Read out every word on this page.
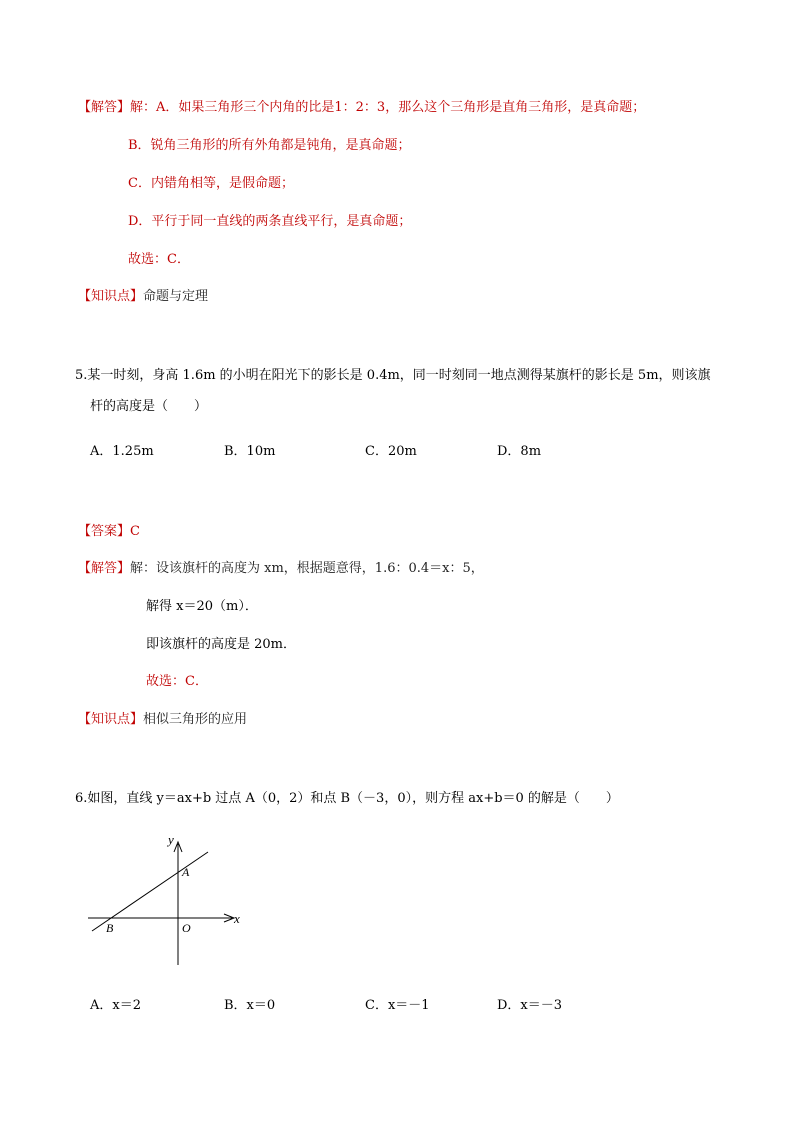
【解答】解：A．如果三角形三个内角的比是1：2：3，那么这个三角形是直角三角形，是真命题；
B．锐角三角形的所有外角都是钝角，是真命题；
C．内错角相等，是假命题；
D．平行于同一直线的两条直线平行，是真命题；
故选：C．
【知识点】命题与定理
5.某一时刻，身高 1.6m 的小明在阳光下的影长是 0.4m，同一时刻同一地点测得某旗杆的影长是 5m，则该旗
杆的高度是（　　）
A．1.25m	B．10m	C．20m	D．8m
【答案】C
【解答】解：设该旗杆的高度为 xm，根据题意得，1.6：0.4＝x：5，
解得 x＝20（m）．
即该旗杆的高度是 20m．
故选：C．
【知识点】相似三角形的应用
6.如图，直线 y＝ax+b 过点 A（0，2）和点 B（－3，0），则方程 ax+b＝0 的解是（　　）
y
x
A
B	O
A．x＝2	B．x＝0	C．x＝－1	D．x＝－3
